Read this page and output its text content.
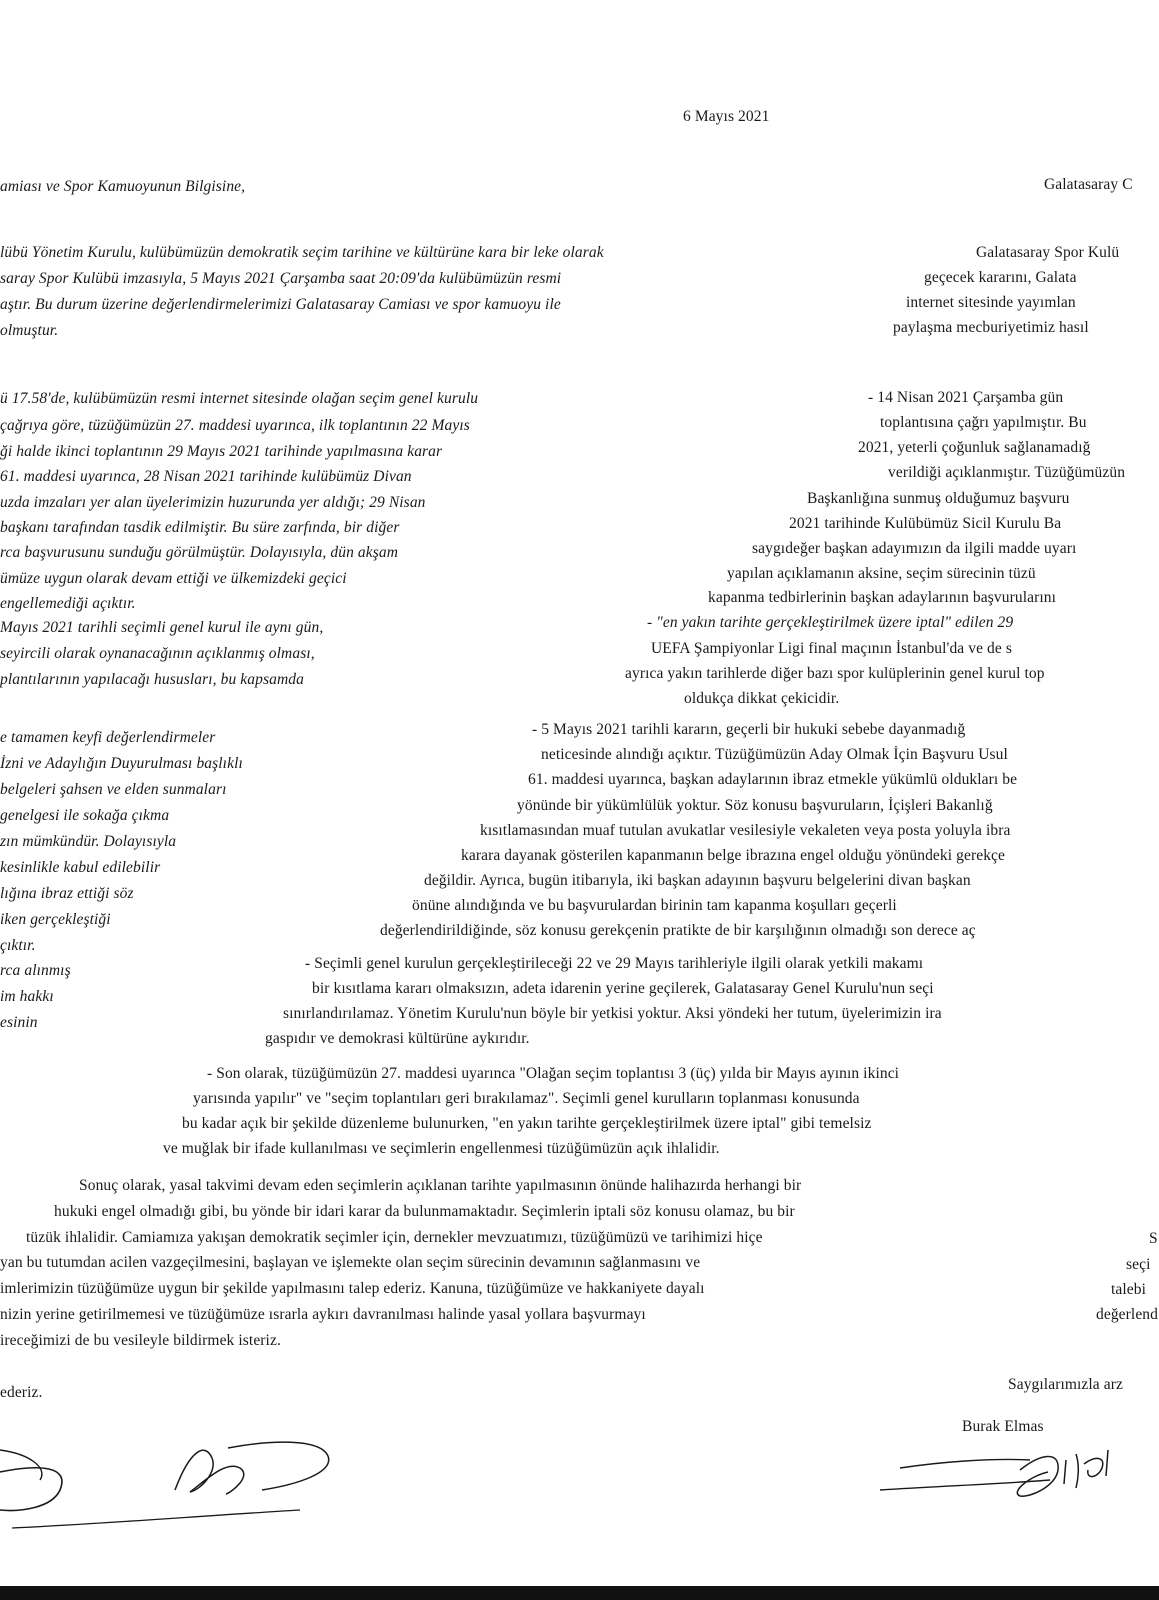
6 Mayıs 2021
amiası ve Spor Kamuoyunun Bilgisine,	Galatasaray C
lübü Yönetim Kurulu, kulübümüzün demokratik seçim tarihine ve kültürüne kara bir leke olarak
saray Spor Kulübü imzasıyla, 5 Mayıs 2021 Çarşamba saat 20:09'da kulübümüzün resmi
aştır. Bu durum üzerine değerlendirmelerimizi Galatasaray Camiası ve spor kamuoyu ile
olmuştur.
Galatasaray Spor Kulü
geçecek kararını, Galata
internet sitesinde yayımlan
paylaşma mecburiyetimiz hasıl
ü 17.58'de, kulübümüzün resmi internet sitesinde olağan seçim genel kurulu
çağrıya göre, tüzüğümüzün 27. maddesi uyarınca, ilk toplantının 22 Mayıs
ği halde ikinci toplantının 29 Mayıs 2021 tarihinde yapılmasına karar
61. maddesi uyarınca, 28 Nisan 2021 tarihinde kulübümüz Divan
uzda imzaları yer alan üyelerimizin huzurunda yer aldığı; 29 Nisan
başkanı tarafından tasdik edilmiştir. Bu süre zarfında, bir diğer
rca başvurusunu sunduğu görülmüştür. Dolayısıyla, dün akşam
ümüze uygun olarak devam ettiği ve ülkemizdeki geçici
engellemediği açıktır.
- 14 Nisan 2021 Çarşamba gün
toplantısına çağrı yapılmıştır. Bu
2021, yeterli çoğunluk sağlanamadığ
verildiği açıklanmıştır. Tüzüğümüzün
Başkanlığına sunmuş olduğumuz başvuru
2021 tarihinde Kulübümüz Sicil Kurulu Ba
saygıdeğer başkan adayımızın da ilgili madde uyarı
yapılan açıklamanın aksine, seçim sürecinin tüzü
kapanma tedbirlerinin başkan adaylarının başvurularını
Mayıs 2021 tarihli seçimli genel kurul ile aynı gün,
seyircili olarak oynanacağının açıklanmış olması,
plantılarının yapılacağı hususları, bu kapsamda
- "en yakın tarihte gerçekleştirilmek üzere iptal" edilen 29
UEFA Şampiyonlar Ligi final maçının İstanbul'da ve de s
ayrıca yakın tarihlerde diğer bazı spor kulüplerinin genel kurul top
oldukça dikkat çekicidir.
e tamamen keyfi değerlendirmeler
İzni ve Adaylığın Duyurulması başlıklı
belgeleri şahsen ve elden sunmaları
genelgesi ile sokağa çıkma
zın mümkündür. Dolayısıyla
kesinlikle kabul edilebilir
lığına ibraz ettiği söz
iken gerçekleştiği
çıktır.
- 5 Mayıs 2021 tarihli kararın, geçerli bir hukuki sebebe dayanmadığ
neticesinde alındığı açıktır. Tüzüğümüzün Aday Olmak İçin Başvuru Usul
61. maddesi uyarınca, başkan adaylarının ibraz etmekle yükümlü oldukları be
yönünde bir yükümlülük yoktur. Söz konusu başvuruların, İçişleri Bakanlığ
kısıtlamasından muaf tutulan avukatlar vesilesiyle vekaleten veya posta yoluyla ibra
karara dayanak gösterilen kapanmanın belge ibrazına engel olduğu yönündeki gerekçe
değildir. Ayrıca, bugün itibarıyla, iki başkan adayının başvuru belgelerini divan başkan
önüne alındığında ve bu başvurulardan birinin tam kapanma koşulları geçerli
değerlendirildiğinde, söz konusu gerekçenin pratikte de bir karşılığının olmadığı son derece aç
rca alınmış
im hakkı
esinin
- Seçimli genel kurulun gerçekleştirileceği 22 ve 29 Mayıs tarihleriyle ilgili olarak yetkili makamı
bir kısıtlama kararı olmaksızın, adeta idarenin yerine geçilerek, Galatasaray Genel Kurulu'nun seçi
sınırlandırılamaz. Yönetim Kurulu'nun böyle bir yetkisi yoktur. Aksi yöndeki her tutum, üyelerimizin ira
gaspıdır ve demokrasi kültürüne aykırıdır.
- Son olarak, tüzüğümüzün 27. maddesi uyarınca "Olağan seçim toplantısı 3 (üç) yılda bir Mayıs ayının ikinci
yarısında yapılır" ve "seçim toplantıları geri bırakılamaz". Seçimli genel kurulların toplanması konusunda
bu kadar açık bir şekilde düzenleme bulunurken, "en yakın tarihte gerçekleştirilmek üzere iptal" gibi temelsiz
ve muğlak bir ifade kullanılması ve seçimlerin engellenmesi tüzüğümüzün açık ihlalidir.
Sonuç olarak, yasal takvimi devam eden seçimlerin açıklanan tarihte yapılmasının önünde halihazırda herhangi bir
hukuki engel olmadığı gibi, bu yönde bir idari karar da bulunmamaktadır. Seçimlerin iptali söz konusu olamaz, bu bir
tüzük ihlalidir. Camiamıza yakışan demokratik seçimler için, dernekler mevzuatımızı, tüzüğümüzü ve tarihimizi hiçe
yan bu tutumdan acilen vazgeçilmesini, başlayan ve işlemekte olan seçim sürecinin devamının sağlanmasını ve
imlerimizin tüzüğümüze uygun bir şekilde yapılmasını talep ederiz. Kanuna, tüzüğümüze ve hakkaniyete dayalı
nizin yerine getirilmemesi ve tüzüğümüze ısrarla aykırı davranılması halinde yasal yollara başvurmayı
ireceğimizi de bu vesileyle bildirmek isteriz.
S
seçi
talebi
değerlend
ederiz.	Saygılarımızla arz
Burak Elmas
